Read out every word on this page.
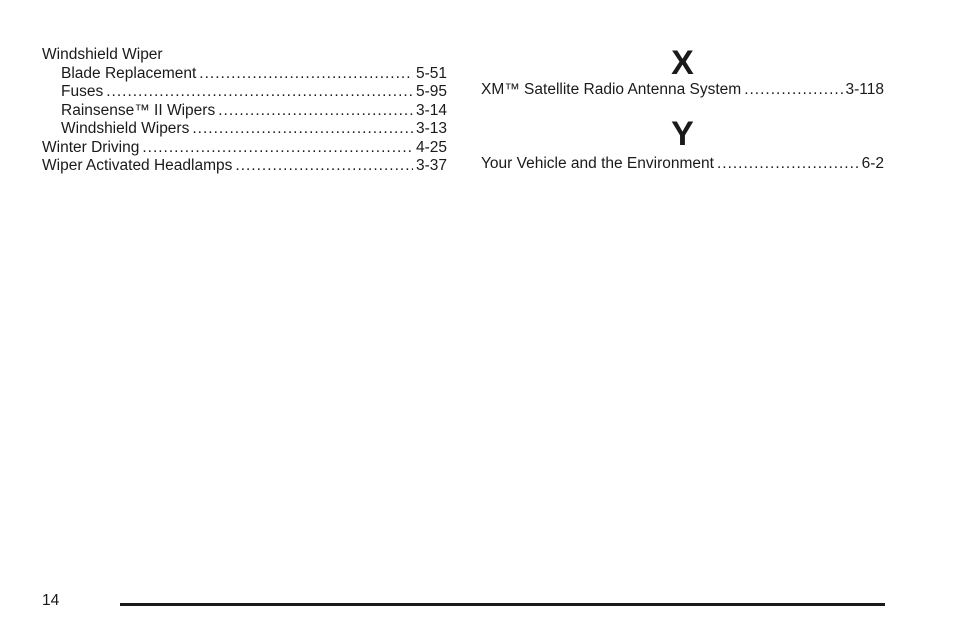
Windshield Wiper
Blade Replacement .....	5-51
Fuses .....	5-95
Rainsense™ II Wipers .....	3-14
Windshield Wipers .....	3-13
Winter Driving .....	4-25
Wiper Activated Headlamps .....	3-37
X
XM™ Satellite Radio Antenna System .....	3-118
Y
Your Vehicle and the Environment .....	6-2
14
